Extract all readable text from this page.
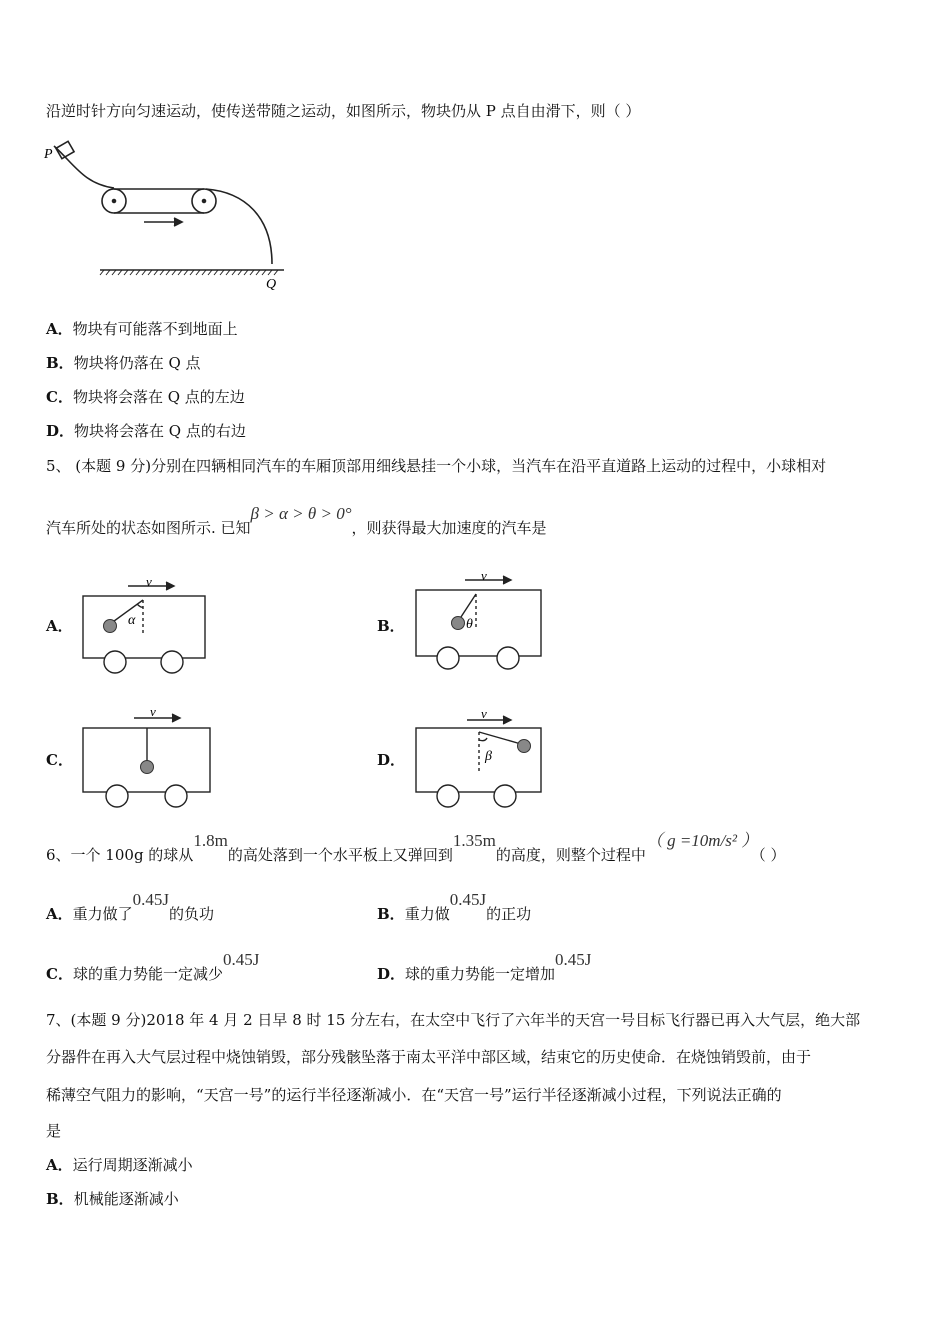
沿逆时针方向匀速运动，使传送带随之运动，如图所示，物块仍从 P 点自由滑下，则（ ）
P
Q
A．物块有可能落不到地面上
B．物块将仍落在 Q 点
C．物块将会落在 Q 点的左边
D．物块将会落在 Q 点的右边
5、 (本题 9 分)分别在四辆相同汽车的车厢顶部用细线悬挂一个小球，当汽车在沿平直道路上运动的过程中，小球相对
汽车所处的状态如图所示. 已知β > α > θ > 0°，则获得最大加速度的汽车是
A．	α
v
B．	θ
v
C．
v
D．	β
v
6、一个 100g 的球从1.8m的高处落到一个水平板上又弹回到1.35m的高度，则整个过程中（ g =10m/s² ）（ ）
A．重力做了0.45J的负功	B．重力做0.45J的正功
C．球的重力势能一定减少0.45J
D．球的重力势能一定增加0.45J
7、(本题 9 分)2018 年 4 月 2 日早 8 时 15 分左右，在太空中飞行了六年半的天宫一号目标飞行器已再入大气层，绝大部
分器件在再入大气层过程中烧蚀销毁，部分残骸坠落于南太平洋中部区域，结束它的历史使命．在烧蚀销毁前，由于
稀薄空气阻力的影响，“天宫一号”的运行半径逐渐减小．在“天宫一号”运行半径逐渐减小过程，下列说法正确的
是
A．运行周期逐渐减小
B．机械能逐渐减小
